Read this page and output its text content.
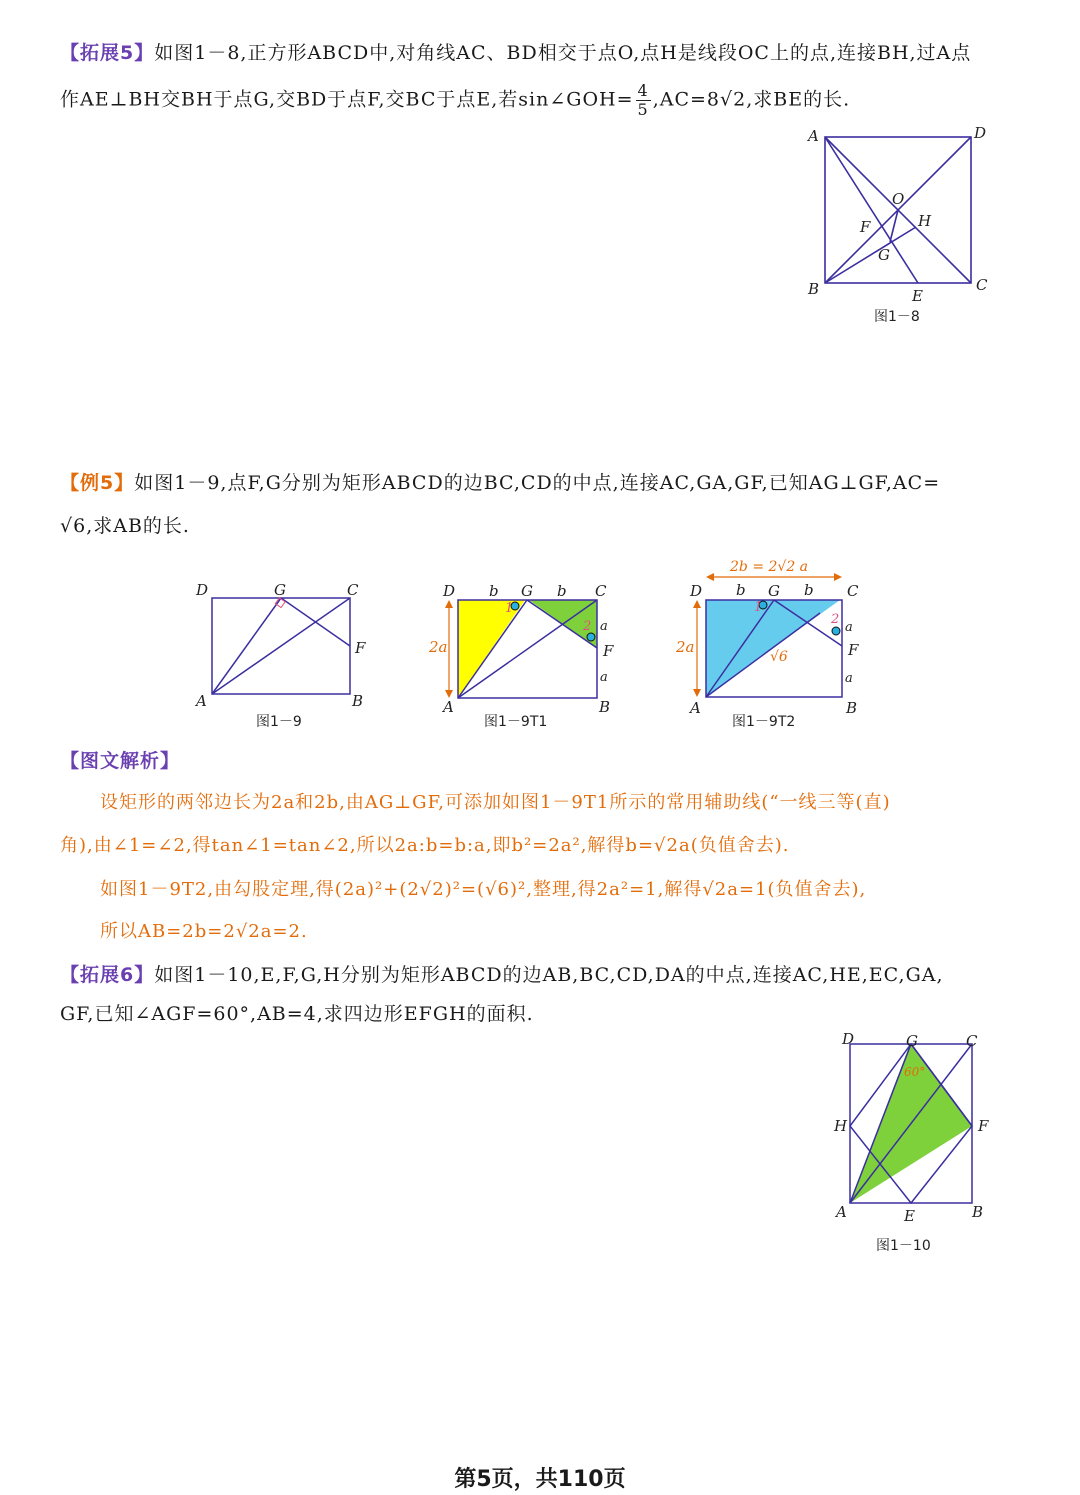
【拓展5】如图1－8,正方形ABCD中,对角线AC、BD相交于点O,点H是线段OC上的点,连接BH,过A点
作AE⊥BH交BH于点G,交BD于点F,交BC于点E,若sin∠GOH= $\frac{4}{5} ,AC=8√2$,求BE的长.
A	D
B	C
O
H
F
G
E
图1－8
【例5】如图1－9,点F,G分别为矩形ABCD的边BC,CD的中点,连接AC,GA,GF,已知AG⊥GF,AC=
√6,求AB的长.
D	G	C
F
A	B
图1－9
D b G b C
2a
1
2 a
F
a
A	B
图1－9T1
2b = 2√2 a
D b G b C
2a
1
2
a
F
a
√6
A	B
图1－9T2
【图文解析】
设矩形的两邻边长为2a和2b,由AG⊥GF,可添加如图1－9T1所示的常用辅助线(“一线三等(直)
角),由∠1=∠2,得tan∠1=tan∠2,所以2a:b=b:a,即b²=2a²,解得b=√2a(负值舍去).
如图1－9T2,由勾股定理,得(2a)²+(2√2)²=(√6)²,整理,得2a²=1,解得√2a=1(负值舍去),
所以AB=2b=2√2a=2.
【拓展6】如图1－10,E,F,G,H分别为矩形ABCD的边AB,BC,CD,DA的中点,连接AC,HE,EC,GA,
GF,已知∠AGF=60°,AB=4,求四边形EFGH的面积.
60°
D	G	C
H	F
A	E	B
图1－10
第5页，共110页
